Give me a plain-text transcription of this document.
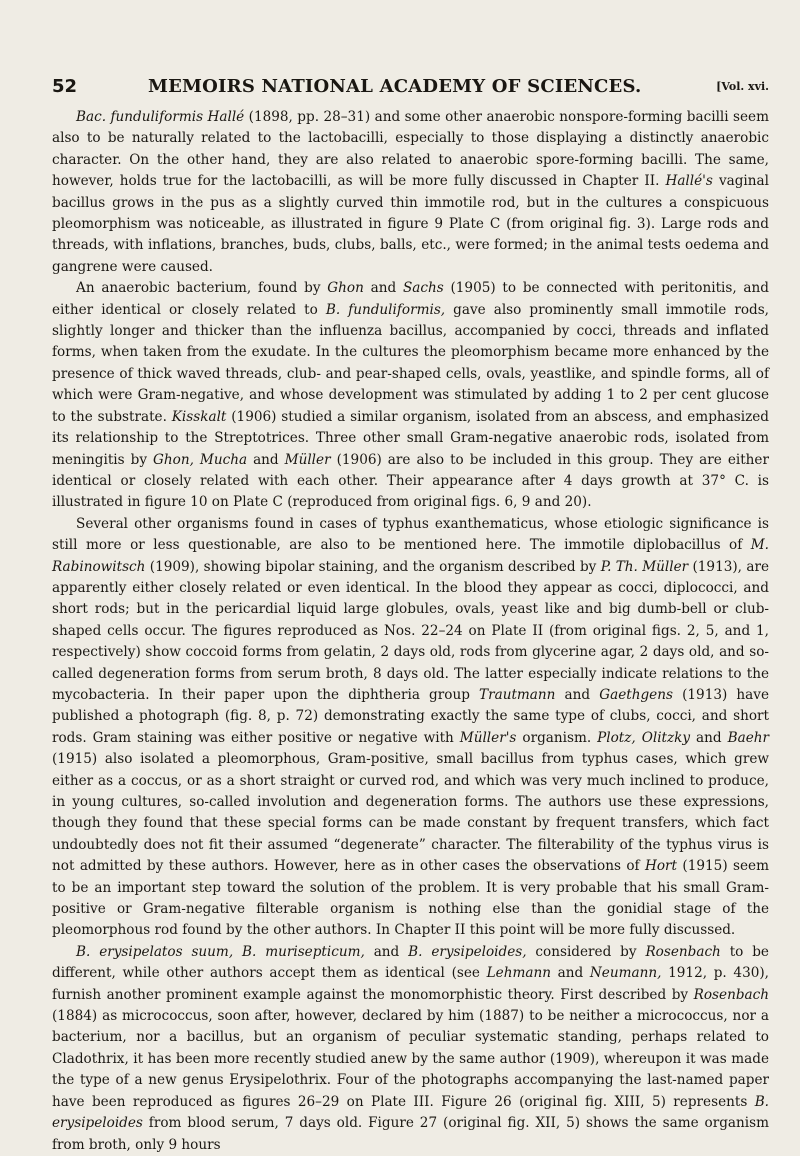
52	MEMOIRS NATIONAL ACADEMY OF SCIENCES.	[Vol. xvi.

Bac. funduliformis Hallé (1898, pp. 28–31) and some other anaerobic nonspore-forming bacilli seem also to be naturally related to the lactobacilli, especially to those displaying a distinctly anaerobic character. On the other hand, they are also related to anaerobic spore-forming bacilli. The same, however, holds true for the lactobacilli, as will be more fully discussed in Chapter II. Hallé's vaginal bacillus grows in the pus as a slightly curved thin immotile rod, but in the cultures a conspicuous pleomorphism was noticeable, as illustrated in figure 9 Plate C (from original fig. 3). Large rods and threads, with inflations, branches, buds, clubs, balls, etc., were formed; in the animal tests oedema and gangrene were caused.

An anaerobic bacterium, found by Ghon and Sachs (1905) to be connected with peritonitis, and either identical or closely related to B. funduliformis, gave also prominently small immotile rods, slightly longer and thicker than the influenza bacillus, accompanied by cocci, threads and inflated forms, when taken from the exudate. In the cultures the pleomorphism became more enhanced by the presence of thick waved threads, club- and pear-shaped cells, ovals, yeastlike, and spindle forms, all of which were Gram-negative, and whose development was stimulated by adding 1 to 2 per cent glucose to the substrate. Kisskalt (1906) studied a similar organism, isolated from an abscess, and emphasized its relationship to the Streptotrices. Three other small Gram-negative anaerobic rods, isolated from meningitis by Ghon, Mucha and Müller (1906) are also to be included in this group. They are either identical or closely related with each other. Their appearance after 4 days growth at 37° C. is illustrated in figure 10 on Plate C (reproduced from original figs. 6, 9 and 20).

Several other organisms found in cases of typhus exanthematicus, whose etiologic significance is still more or less questionable, are also to be mentioned here. The immotile diplobacillus of M. Rabinowitsch (1909), showing bipolar staining, and the organism described by P. Th. Müller (1913), are apparently either closely related or even identical. In the blood they appear as cocci, diplococci, and short rods; but in the pericardial liquid large globules, ovals, yeast like and big dumb-bell or club-shaped cells occur. The figures reproduced as Nos. 22–24 on Plate II (from original figs. 2, 5, and 1, respectively) show coccoid forms from gelatin, 2 days old, rods from glycerine agar, 2 days old, and so-called degeneration forms from serum broth, 8 days old. The latter especially indicate relations to the mycobacteria. In their paper upon the diphtheria group Trautmann and Gaethgens (1913) have published a photograph (fig. 8, p. 72) demonstrating exactly the same type of clubs, cocci, and short rods. Gram staining was either positive or negative with Müller's organism. Plotz, Olitzky and Baehr (1915) also isolated a pleomorphous, Gram-positive, small bacillus from typhus cases, which grew either as a coccus, or as a short straight or curved rod, and which was very much inclined to produce, in young cultures, so-called involution and degeneration forms. The authors use these expressions, though they found that these special forms can be made constant by frequent transfers, which fact undoubtedly does not fit their assumed “degenerate” character. The filterability of the typhus virus is not admitted by these authors. However, here as in other cases the observations of Hort (1915) seem to be an important step toward the solution of the problem. It is very probable that his small Gram-positive or Gram-negative filterable organism is nothing else than the gonidial stage of the pleomorphous rod found by the other authors. In Chapter II this point will be more fully discussed.

B. erysipelatos suum, B. murisepticum, and B. erysipeloides, considered by Rosenbach to be different, while other authors accept them as identical (see Lehmann and Neumann, 1912, p. 430), furnish another prominent example against the monomorphistic theory. First described by Rosenbach (1884) as micrococcus, soon after, however, declared by him (1887) to be neither a micrococcus, nor a bacterium, nor a bacillus, but an organism of peculiar systematic standing, perhaps related to Cladothrix, it has been more recently studied anew by the same author (1909), whereupon it was made the type of a new genus Erysipelothrix. Four of the photographs accompanying the last-named paper have been reproduced as figures 26–29 on Plate III. Figure 26 (original fig. XIII, 5) represents B. erysipeloides from blood serum, 7 days old. Figure 27 (original fig. XII, 5) shows the same organism from broth, only 9 hours
